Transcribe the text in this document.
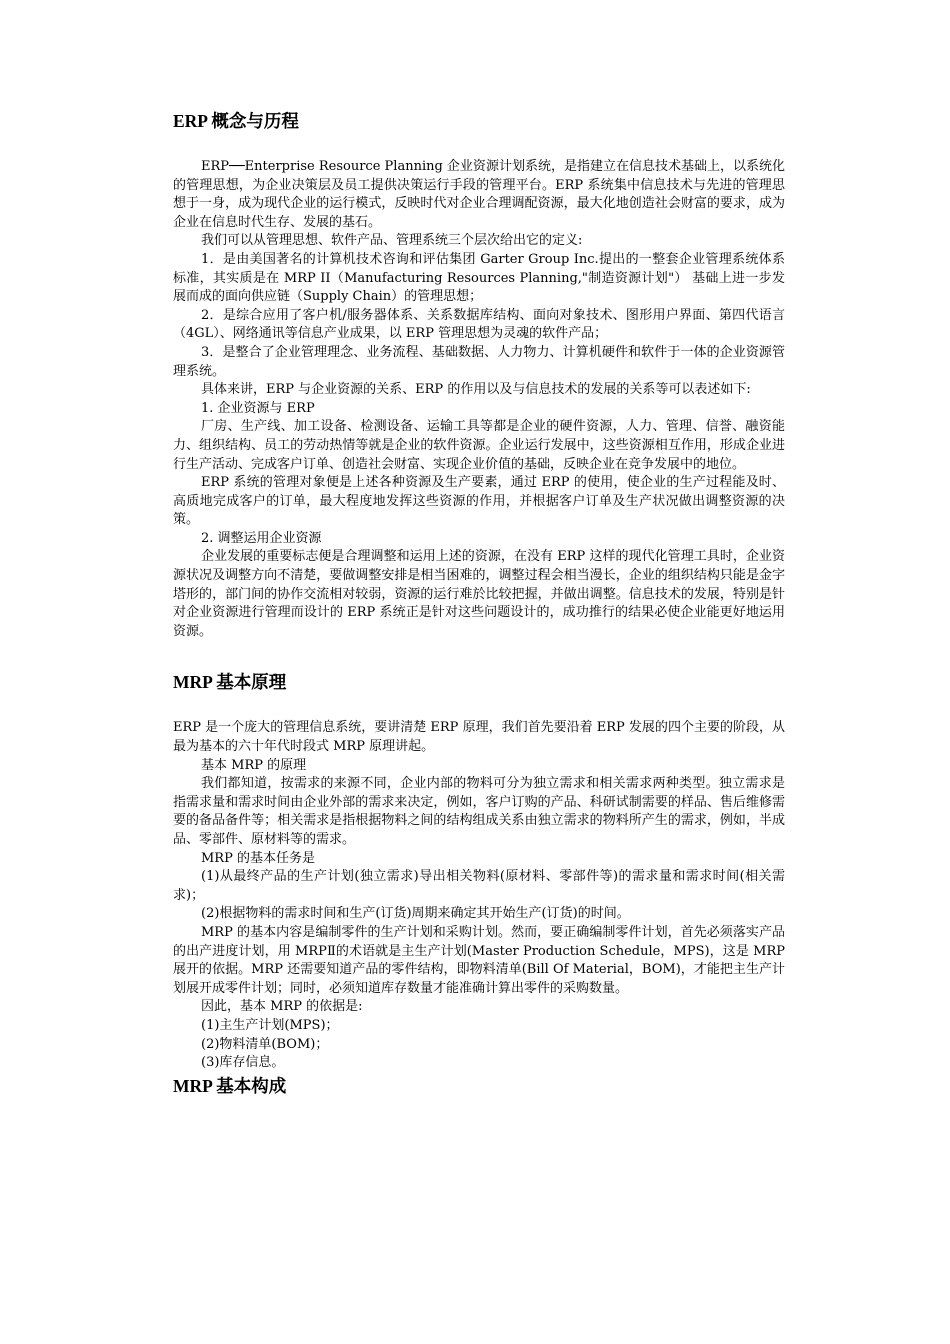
ERP 概念与历程

ERP──Enterprise Resource Planning 企业资源计划系统，是指建立在信息技术基础上，以系统化的管理思想，为企业决策层及员工提供决策运行手段的管理平台。ERP 系统集中信息技术与先进的管理思想于一身，成为现代企业的运行模式，反映时代对企业合理调配资源，最大化地创造社会财富的要求，成为企业在信息时代生存、发展的基石。

我们可以从管理思想、软件产品、管理系统三个层次给出它的定义:

1．是由美国著名的计算机技术咨询和评估集团 Garter Group Inc.提出的一整套企业管理系统体系标准，其实质是在 MRP II（Manufacturing Resources Planning,"制造资源计划"） 基础上进一步发展而成的面向供应链（Supply Chain）的管理思想；

2．是综合应用了客户机/服务器体系、关系数据库结构、面向对象技术、图形用户界面、第四代语言（4GL）、网络通讯等信息产业成果，以 ERP 管理思想为灵魂的软件产品；

3．是整合了企业管理理念、业务流程、基础数据、人力物力、计算机硬件和软件于一体的企业资源管理系统。

具体来讲，ERP 与企业资源的关系、ERP 的作用以及与信息技术的发展的关系等可以表述如下:

1. 企业资源与 ERP

厂房、生产线、加工设备、检测设备、运输工具等都是企业的硬件资源，人力、管理、信誉、融资能力、组织结构、员工的劳动热情等就是企业的软件资源。企业运行发展中，这些资源相互作用，形成企业进行生产活动、完成客户订单、创造社会财富、实现企业价值的基础，反映企业在竞争发展中的地位。

ERP 系统的管理对象便是上述各种资源及生产要素，通过 ERP 的使用，使企业的生产过程能及时、高质地完成客户的订单，最大程度地发挥这些资源的作用，并根据客户订单及生产状况做出调整资源的决策。

2. 调整运用企业资源

企业发展的重要标志便是合理调整和运用上述的资源，在没有 ERP 这样的现代化管理工具时，企业资源状况及调整方向不清楚，要做调整安排是相当困难的，调整过程会相当漫长，企业的组织结构只能是金字塔形的，部门间的协作交流相对较弱，资源的运行难於比较把握，并做出调整。信息技术的发展，特别是针对企业资源进行管理而设计的 ERP 系统正是针对这些问题设计的，成功推行的结果必使企业能更好地运用资源。

MRP 基本原理

ERP 是一个庞大的管理信息系统，要讲清楚 ERP 原理，我们首先要沿着 ERP 发展的四个主要的阶段，从最为基本的六十年代时段式 MRP 原理讲起。

基本 MRP 的原理

我们都知道，按需求的来源不同，企业内部的物料可分为独立需求和相关需求两种类型。独立需求是指需求量和需求时间由企业外部的需求来决定，例如，客户订购的产品、科研试制需要的样品、售后维修需要的备品备件等；相关需求是指根据物料之间的结构组成关系由独立需求的物料所产生的需求，例如，半成品、零部件、原材料等的需求。

MRP 的基本任务是

(1)从最终产品的生产计划(独立需求)导出相关物料(原材料、零部件等)的需求量和需求时间(相关需求)；

(2)根据物料的需求时间和生产(订货)周期来确定其开始生产(订货)的时间。

MRP 的基本内容是编制零件的生产计划和采购计划。然而，要正确编制零件计划，首先必须落实产品的出产进度计划，用 MRPⅡ的术语就是主生产计划(Master Production Schedule，MPS)，这是 MRP 展开的依据。MRP 还需要知道产品的零件结构，即物料清单(Bill Of Material，BOM)，才能把主生产计划展开成零件计划；同时，必须知道库存数量才能准确计算出零件的采购数量。

因此，基本 MRP 的依据是:

(1)主生产计划(MPS)；

(2)物料清单(BOM)；

(3)库存信息。

MRP 基本构成
